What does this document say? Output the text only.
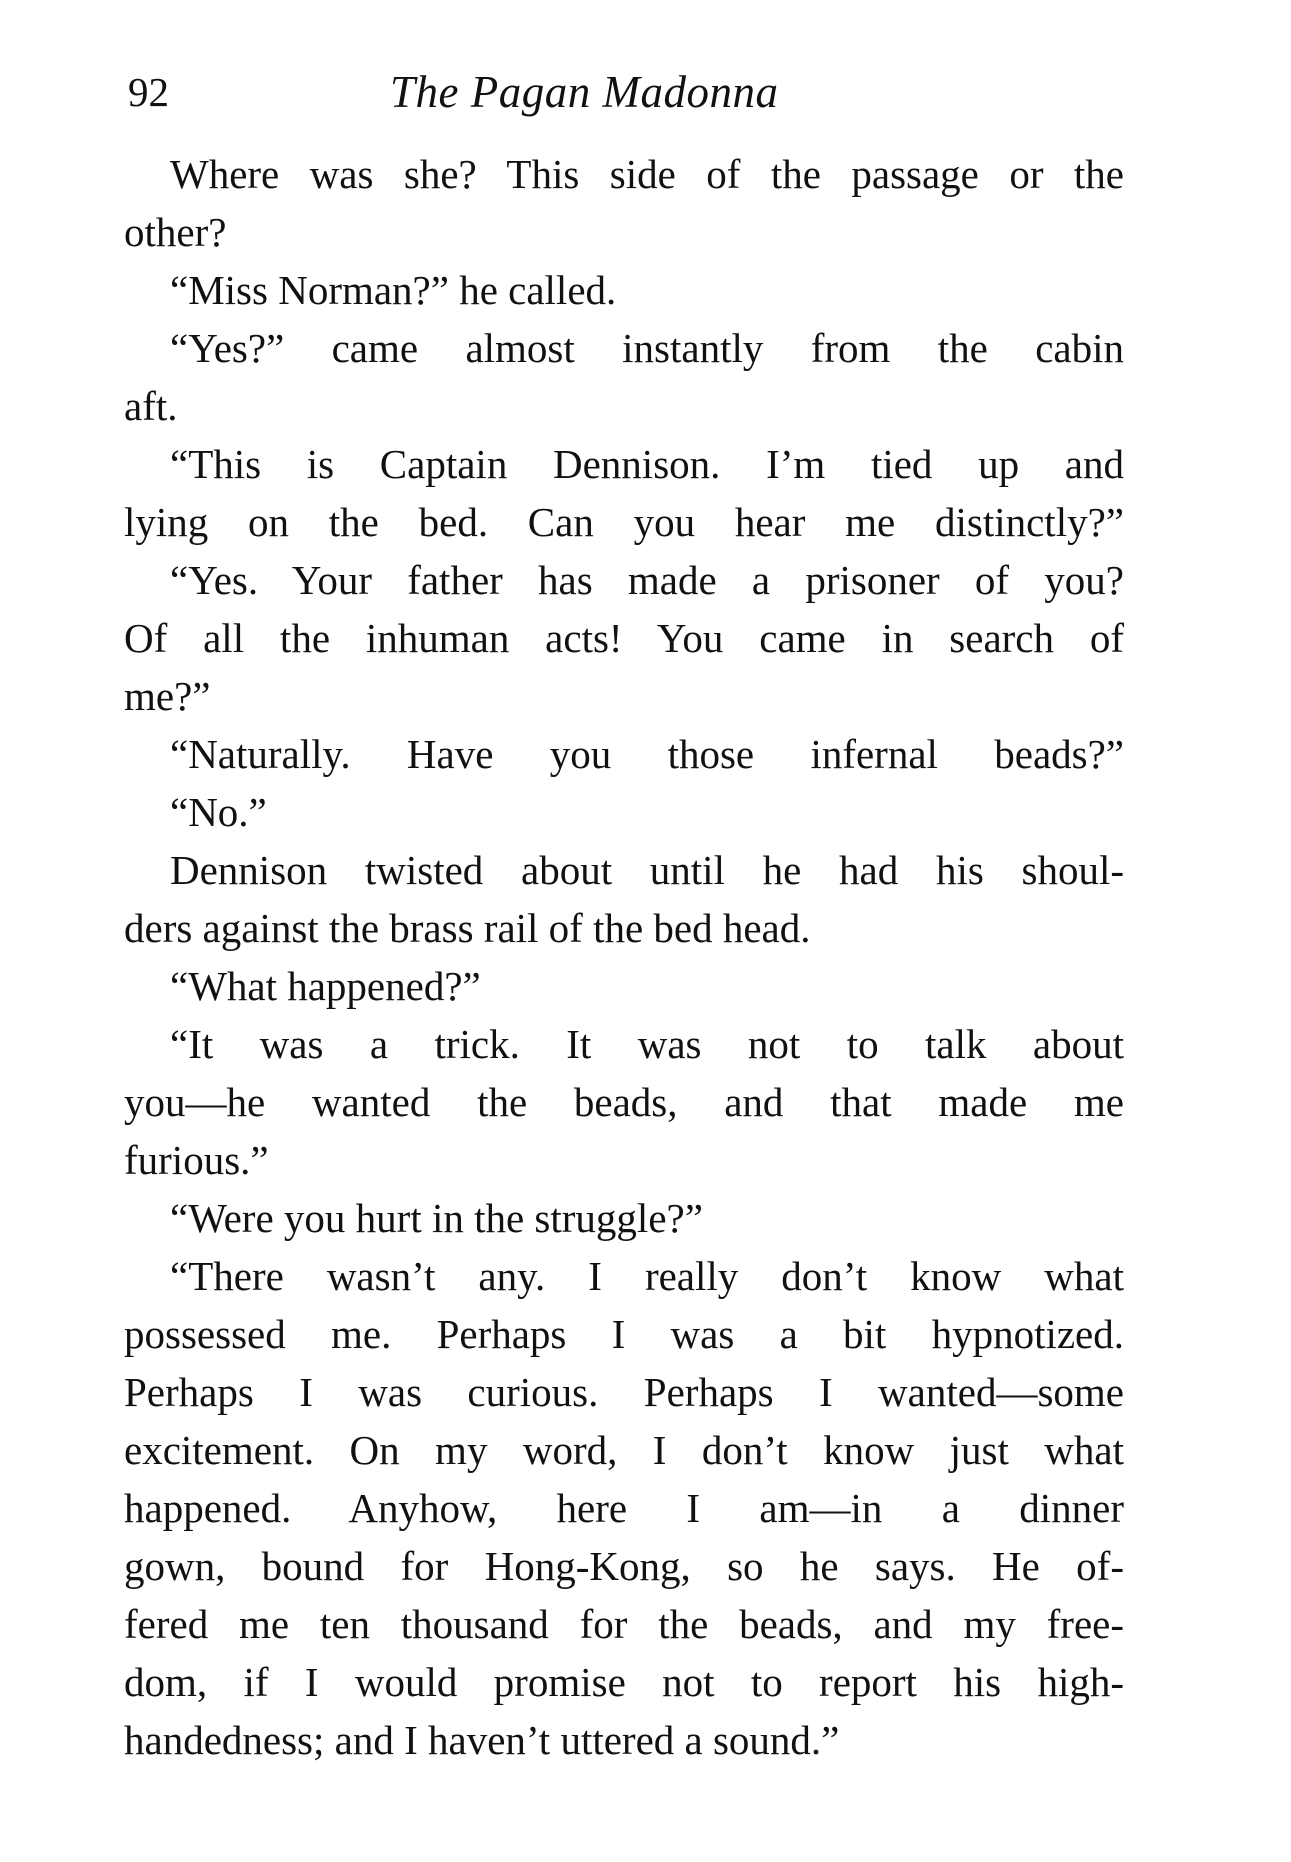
92	The Pagan Madonna
Where was she? This side of the passage or the
other?
“Miss Norman?” he called.
“Yes?” came almost instantly from the cabin
aft.
“This is Captain Dennison. I’m tied up and
lying on the bed. Can you hear me distinctly?”
“Yes. Your father has made a prisoner of you?
Of all the inhuman acts! You came in search of
me?”
“Naturally. Have you those infernal beads?”
“No.”
Dennison twisted about until he had his shoul-
ders against the brass rail of the bed head.
“What happened?”
“It was a trick. It was not to talk about
you—he wanted the beads, and that made me
furious.”
“Were you hurt in the struggle?”
“There wasn’t any. I really don’t know what
possessed me. Perhaps I was a bit hypnotized.
Perhaps I was curious. Perhaps I wanted—some
excitement. On my word, I don’t know just what
happened. Anyhow, here I am—in a dinner
gown, bound for Hong-Kong, so he says. He of-
fered me ten thousand for the beads, and my free-
dom, if I would promise not to report his high-
handedness; and I haven’t uttered a sound.”
